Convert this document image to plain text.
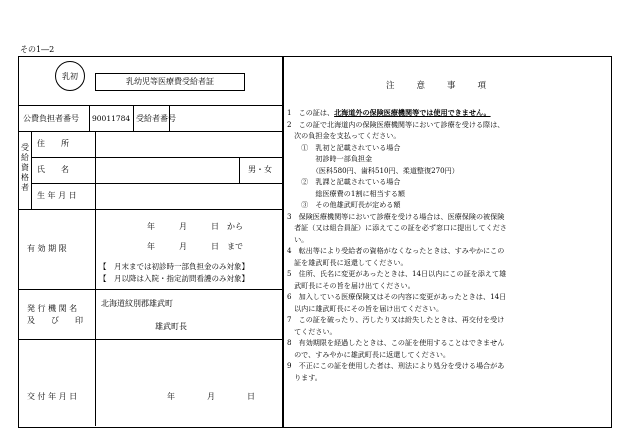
その1―2
乳初
乳幼児等医療費受給者証
公費負担者番号 90011784 受給者番号
受給資格者
住　　所
氏　　名	男・女
生 年 月 日
有 効 期 限
年　　　月　　　日　から
年　　　月　　　日　まで
【　月末までは初診時一部負担金のみ対象】
【　月以降は入院・指定訪問看護のみ対象】
発 行 機 関 名
及　　び　　印
北海道紋別郡雄武町
雄武町長
交 付 年 月 日	年　　　　月　　　　日
注意事項
1　この証は、北海道外の保険医療機関等では使用できません。
2　この証で北海道内の保険医療機関等において診療を受ける際は、
　次の負担金を支払ってください。
　　①　乳初と記載されている場合
　　　　初診時一部負担金
　　　　（医科580円、歯科510円、柔道整復270円）
　　②　乳課と記載されている場合
　　　　総医療費の1割に相当する額
　　③　その他雄武町長が定める額
3　保険医療機関等において診療を受ける場合は、医療保険の被保険
　者証（又は組合員証）に添えてこの証を必ず窓口に提出してくださ
　い。
4　転出等により受給者の資格がなくなったときは、すみやかにこの
　証を雄武町長に返還してください。
5　住所、氏名に変更があったときは、14日以内にこの証を添えて雄
　武町長にその旨を届け出てください。
6　加入している医療保険又はその内容に変更があったときは、14日
　以内に雄武町長にその旨を届け出てください。
7　この証を破ったり、汚したり又は紛失したときは、再交付を受け
　てください。
8　有効期限を経過したときは、この証を使用することはできません
　ので、すみやかに雄武町長に返還してください。
9　不正にこの証を使用した者は、刑法により処分を受ける場合があ
　ります。
